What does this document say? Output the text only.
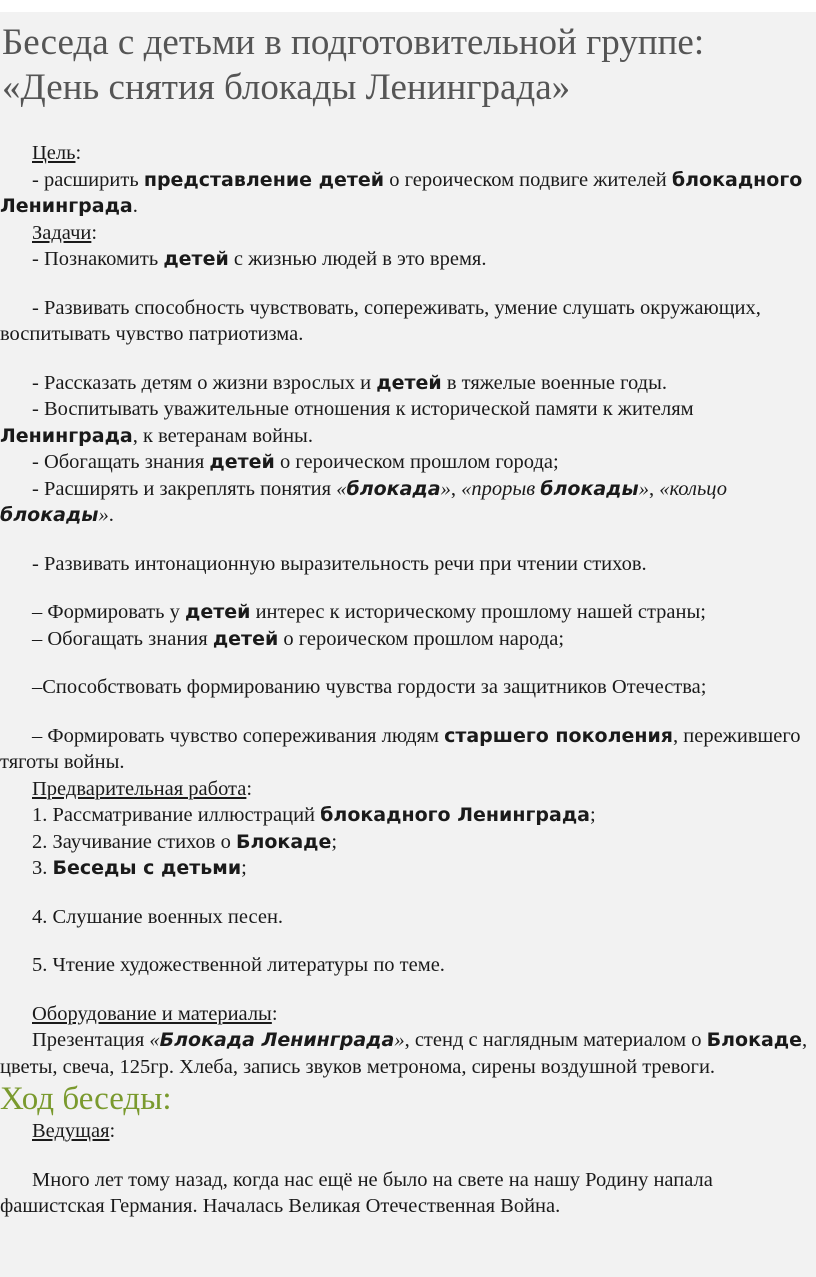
Беседа с детьми в подготовительной группе:
«День снятия блокады Ленинграда»

Цель:

- расширить представление детей о героическом подвиге жителей блокадного Ленинграда.

Задачи:

- Познакомить детей с жизнью людей в это время.

- Развивать способность чувствовать, сопереживать, умение слушать окружающих, воспитывать чувство патриотизма.

- Рассказать детям о жизни взрослых и детей в тяжелые военные годы.

- Воспитывать уважительные отношения к исторической памяти к жителям Ленинграда, к ветеранам войны.

- Обогащать знания детей о героическом прошлом города;

- Расширять и закреплять понятия «блокада», «прорыв блокады», «кольцо блокады».

- Развивать интонационную выразительность речи при чтении стихов.

– Формировать у детей интерес к историческому прошлому нашей страны;

– Обогащать знания детей о героическом прошлом народа;

–Способствовать формированию чувства гордости за защитников Отечества;

– Формировать чувство сопереживания людям старшего поколения, пережившего тяготы войны.

Предварительная работа:

1. Рассматривание иллюстраций блокадного Ленинграда;

2. Заучивание стихов о Блокаде;

3. Беседы с детьми;

4. Слушание военных песен.

5. Чтение художественной литературы по теме.

Оборудование и материалы:

Презентация «Блокада Ленинграда», стенд с наглядным материалом о Блокаде, цветы, свеча, 125гр. Хлеба, запись звуков метронома, сирены воздушной тревоги.

Ход беседы:

Ведущая:

Много лет тому назад, когда нас ещё не было на свете на нашу Родину напала фашистская Германия. Началась Великая Отечественная Война.
